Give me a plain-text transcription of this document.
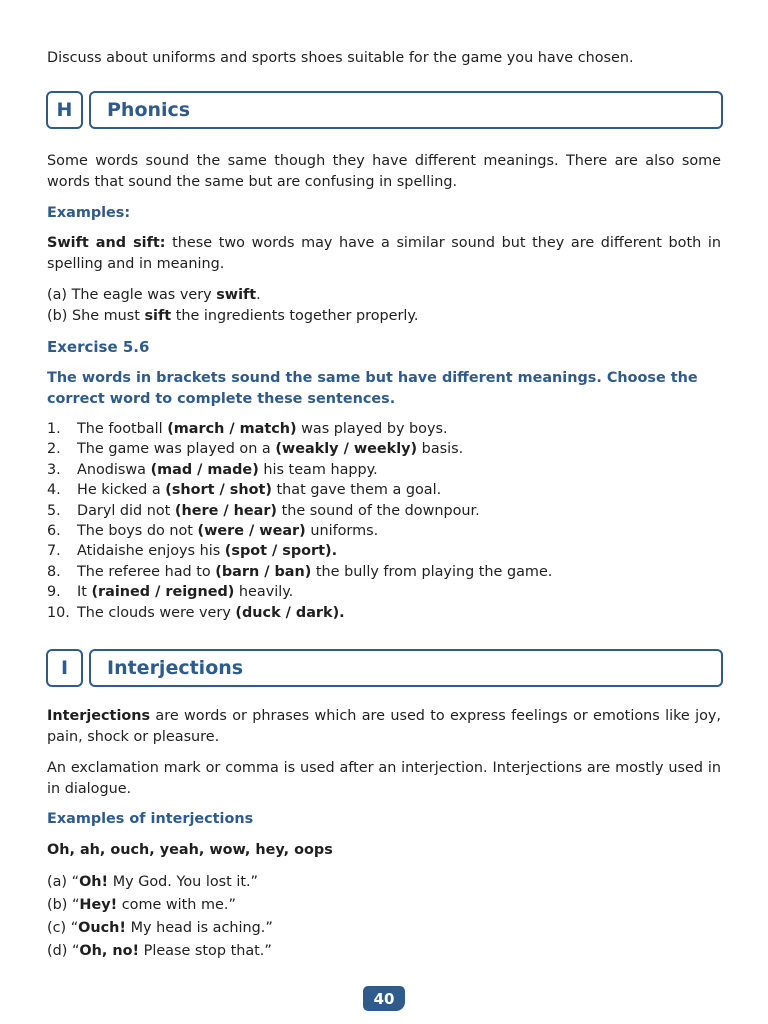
Discuss about uniforms and sports shoes suitable for the game you have chosen.
H	Phonics
Some words sound the same though they have different meanings. There are also some words that sound the same but are confusing in spelling.
Examples:
Swift and sift: these two words may have a similar sound but they are different both in spelling and in meaning.
(a) The eagle was very swift.
(b) She must sift the ingredients together properly.
Exercise 5.6
The words in brackets sound the same but have different meanings. Choose the correct word to complete these sentences.
1. The football (march / match) was played by boys.
2. The game was played on a (weakly / weekly) basis.
3. Anodiswa (mad / made) his team happy.
4. He kicked a (short / shot) that gave them a goal.
5. Daryl did not (here / hear) the sound of the downpour.
6. The boys do not (were / wear) uniforms.
7. Atidaishe enjoys his (spot / sport).
8. The referee had to (barn / ban) the bully from playing the game.
9. It (rained / reigned) heavily.
10. The clouds were very (duck / dark).
I	Interjections
Interjections are words or phrases which are used to express feelings or emotions like joy, pain, shock or pleasure.
An exclamation mark or comma is used after an interjection. Interjections are mostly used in in dialogue.
Examples of interjections
Oh, ah, ouch, yeah, wow, hey, oops
(a) “Oh! My God. You lost it.”
(b) “Hey! come with me.”
(c) “Ouch! My head is aching.”
(d) “Oh, no! Please stop that.”
40
